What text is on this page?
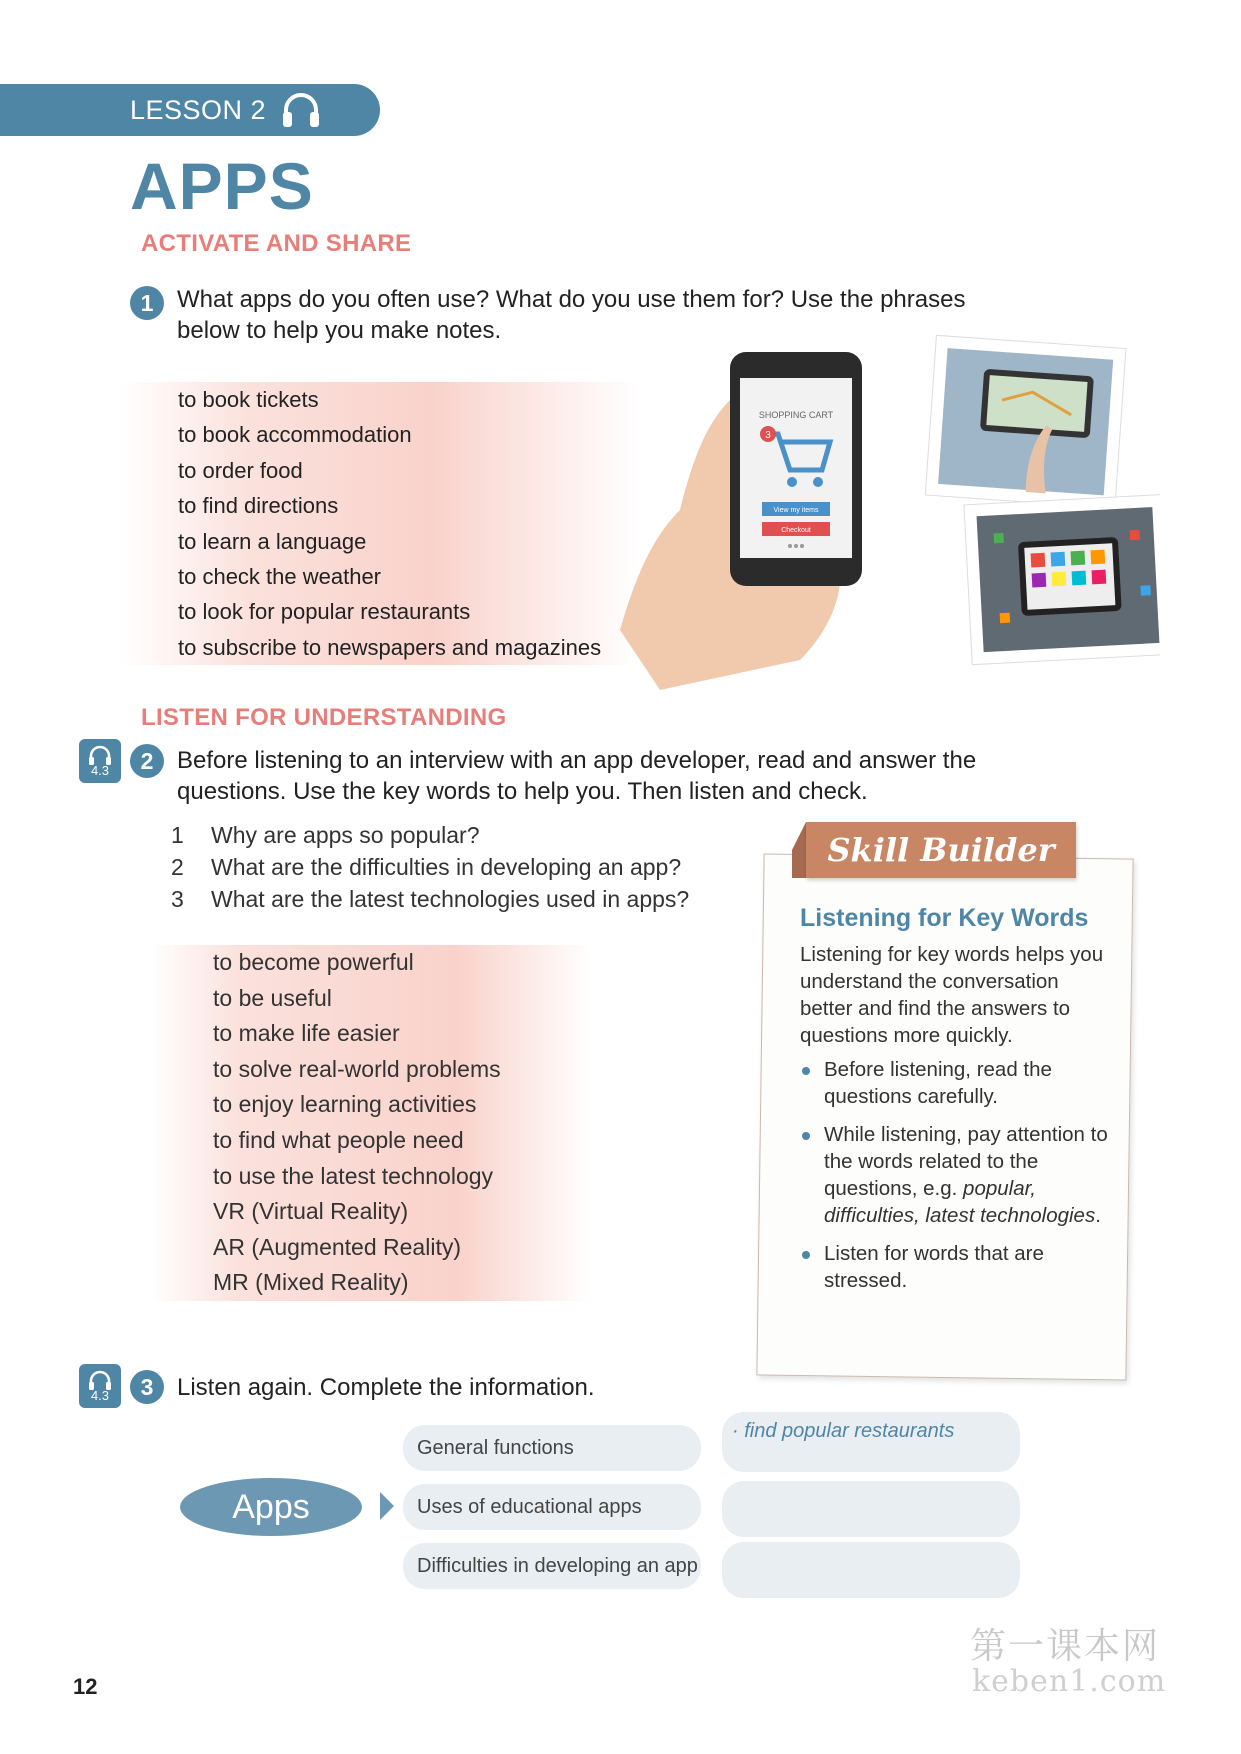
LESSON 2
APPS
ACTIVATE AND SHARE
1 What apps do you often use? What do you use them for? Use the phrases
below to help you make notes.
to book tickets
to book accommodation
to order food
to find directions
to learn a language
to check the weather
to look for popular restaurants
to subscribe to newspapers and magazines
SHOPPING CART
3
View my items
Checkout
LISTEN FOR UNDERSTANDING
4.3	2 Before listening to an interview with an app developer, read and answer the
questions. Use the key words to help you. Then listen and check.
1 Why are apps so popular?
2 What are the difficulties in developing an app?
3 What are the latest technologies used in apps?
to become powerful
to be useful
to make life easier
to solve real-world problems
to enjoy learning activities
to find what people need
to use the latest technology
VR (Virtual Reality)
AR (Augmented Reality)
MR (Mixed Reality)
Skill Builder
Listening for Key Words
Listening for key words helps you understand the conversation better and find the answers to questions more quickly.
Before listening, read the questions carefully.
While listening, pay attention to the words related to the questions, e.g. popular, difficulties, latest technologies.
Listen for words that are stressed.
4.3	3 Listen again. Complete the information.
Apps
General functions
Uses of educational apps
Difficulties in developing an app
· find popular restaurants
12
第一课本网
keben1.com
